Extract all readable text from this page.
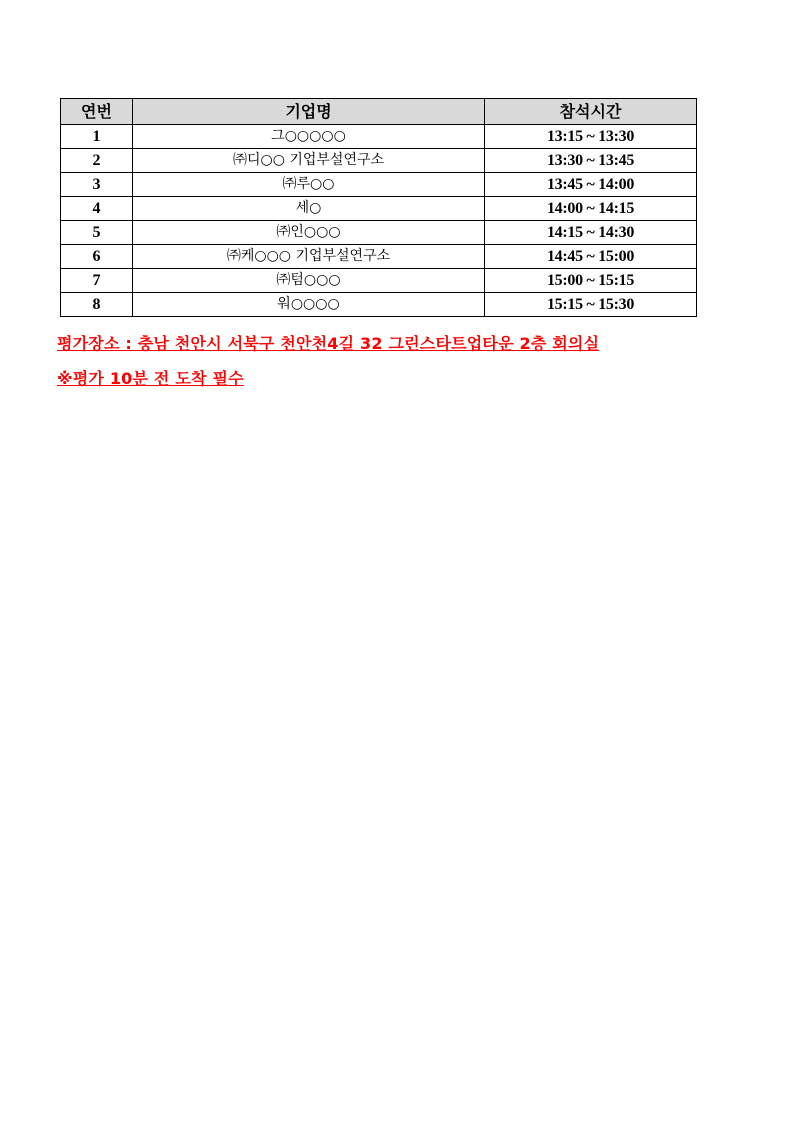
연번	기업명	참석시간
1	그○○○○○	13:15 ~ 13:30
2	㈜디○○ 기업부설연구소	13:30 ~ 13:45
3	㈜루○○	13:45 ~ 14:00
4	세○	14:00 ~ 14:15
5	㈜인○○○	14:15 ~ 14:30
6	㈜케○○○ 기업부설연구소	14:45 ~ 15:00
7	㈜텀○○○	15:00 ~ 15:15
8	워○○○○	15:15 ~ 15:30
평가장소 : 충남 천안시 서북구 천안천4길 32 그린스타트업타운 2층 회의실
※평가 10분 전 도착 필수
